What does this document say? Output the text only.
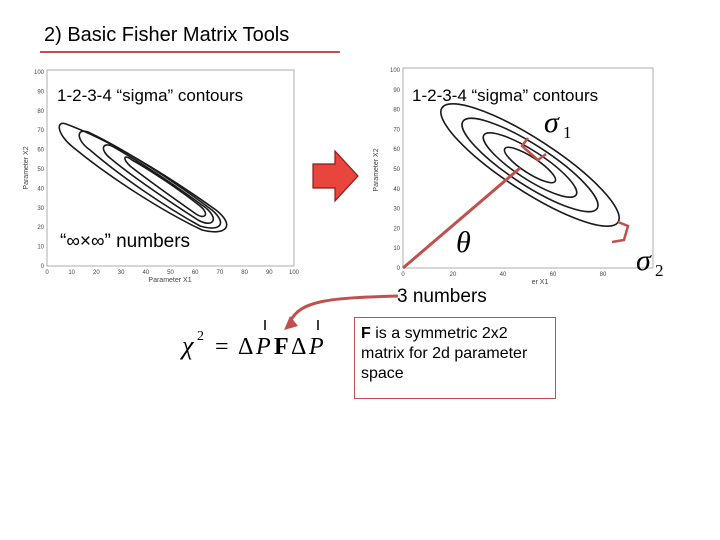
2) Basic Fisher Matrix Tools
0
10
20
30
40
50
60
70
80
90
100
0	10	20	30	40	50	60	70	80	90	100
Parameter X1
Parameter X2
0
10
20
30
40
50
60
70
80
90
100
0	20	40	60	80
er X1
Parameter X2
σ 1
σ 2
θ
χ 2 = Δ P F Δ P
1-2-3-4 “sigma” contours	1-2-3-4 “sigma” contours
“∞×∞” numbers
3 numbers
F is a symmetric 2x2 matrix for 2d parameter space
